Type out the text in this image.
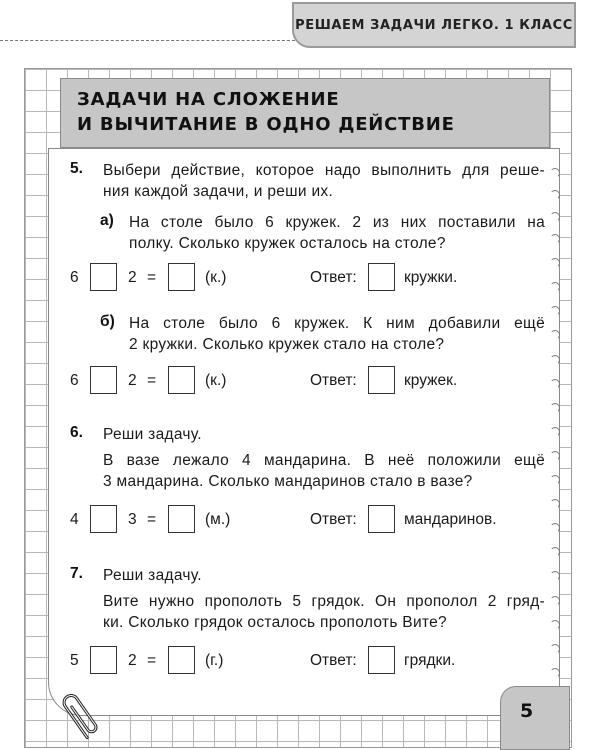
РЕШАЕМ ЗАДАЧИ ЛЕГКО. 1 КЛАСС
ЗАДАЧИ НА СЛОЖЕНИЕ
И ВЫЧИТАНИЕ В ОДНО ДЕЙСТВИЕ
5. Выбери действие, которое надо выполнить для реше-
ния каждой задачи, и реши их.
а) На столе было 6 кружек. 2 из них поставили на
полку. Сколько кружек осталось на столе?
6	2 =	(к.)	Ответ:	кружки.
б) На столе было 6 кружек. К ним добавили ещё
2 кружки. Сколько кружек стало на столе?
6	2 =	(к.)	Ответ:	кружек.
6. Реши задачу.
В вазе лежало 4 мандарина. В неё положили ещё
3 мандарина. Сколько мандаринов стало в вазе?
4	3 =	(м.)	Ответ:	мандаринов.
7. Реши задачу.
Вите нужно прополоть 5 грядок. Он прополол 2 гряд-
ки. Сколько грядок осталось прополоть Вите?
5	2 =	(г.)	Ответ:	грядки.
5
